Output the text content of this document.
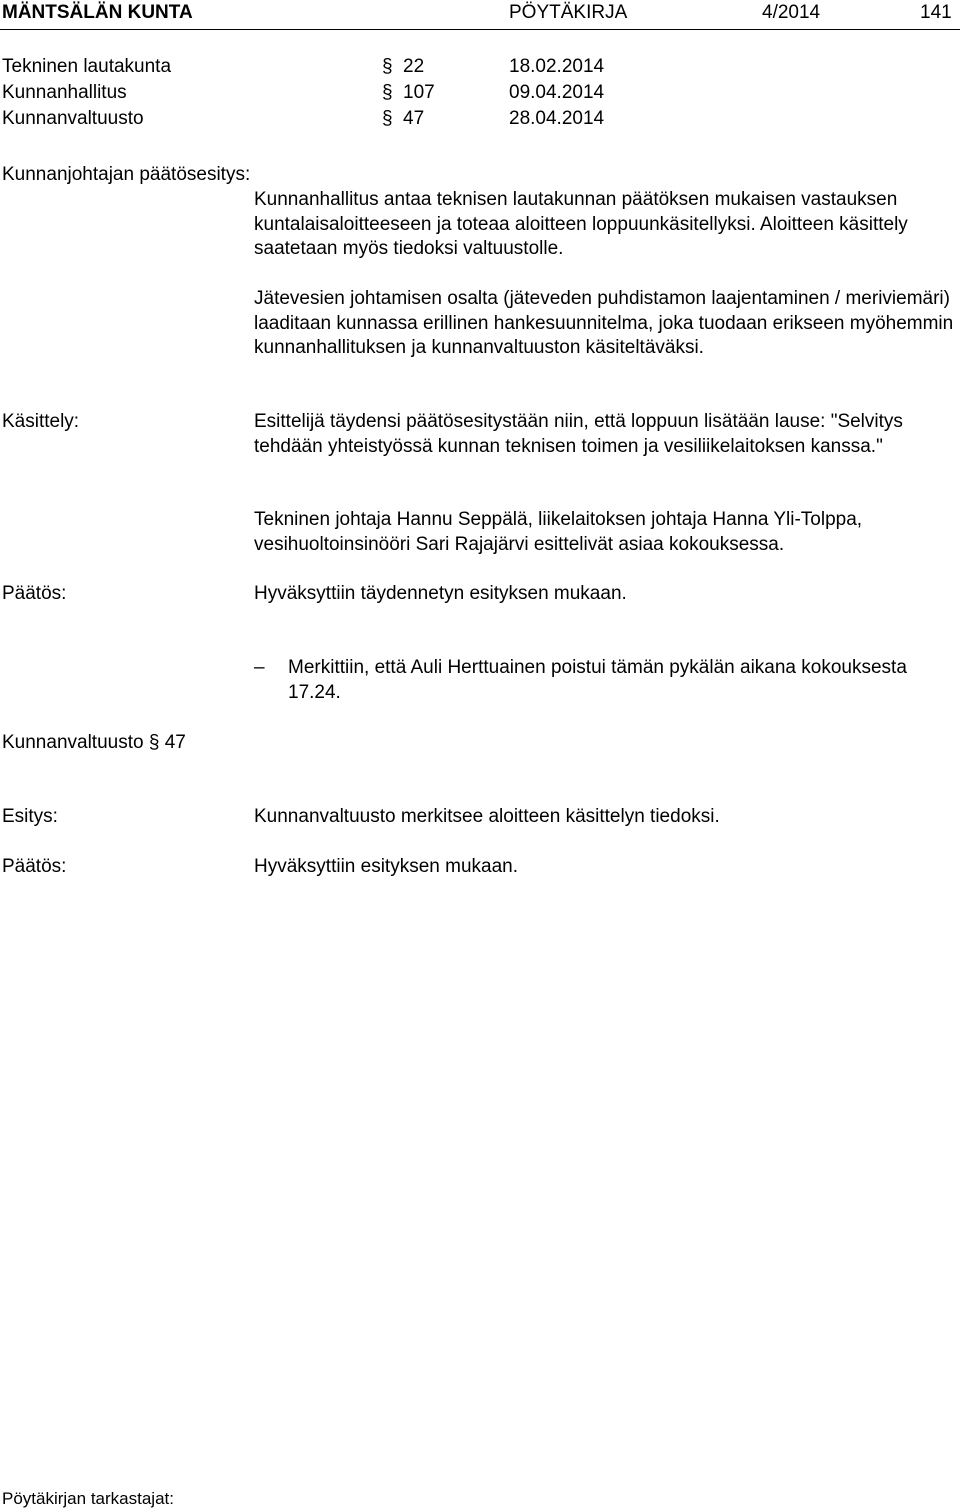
MÄNTSÄLÄN KUNTA	PÖYTÄKIRJA	4/2014	141
Tekninen lautakunta	§ 22	18.02.2014
Kunnanhallitus	§ 107	09.04.2014
Kunnanvaltuusto	§ 47	28.04.2014
Kunnanjohtajan päätösesitys:

Kunnanhallitus antaa teknisen lautakunnan päätöksen mukaisen vastauksen kuntalaisaloitteeseen ja toteaa aloitteen loppuunkäsitellyksi. Aloitteen käsittely saatetaan myös tiedoksi valtuustolle.

Jätevesien johtamisen osalta (jäteveden puhdistamon laajentaminen / meriviemäri) laaditaan kunnassa erillinen hankesuunnitelma, joka tuodaan erikseen myöhemmin kunnanhallituksen ja kunnanvaltuuston käsiteltäväksi.

Käsittely:	Esittelijä täydensi päätösesitystään niin, että loppuun lisätään lause: "Selvitys tehdään yhteistyössä kunnan teknisen toimen ja vesiliikelaitoksen kanssa."

Tekninen johtaja Hannu Seppälä, liikelaitoksen johtaja Hanna Yli-Tolppa, vesihuoltoinsinööri Sari Rajajärvi esittelivät asiaa kokouksessa.

Päätös:	Hyväksyttiin täydennetyn esityksen mukaan.
– Merkittiin, että Auli Herttuainen poistui tämän pykälän aikana kokouksesta 17.24.
Kunnanvaltuusto § 47
Esitys:	Kunnanvaltuusto merkitsee aloitteen käsittelyn tiedoksi.
Päätös:	Hyväksyttiin esityksen mukaan.
Pöytäkirjan tarkastajat:
